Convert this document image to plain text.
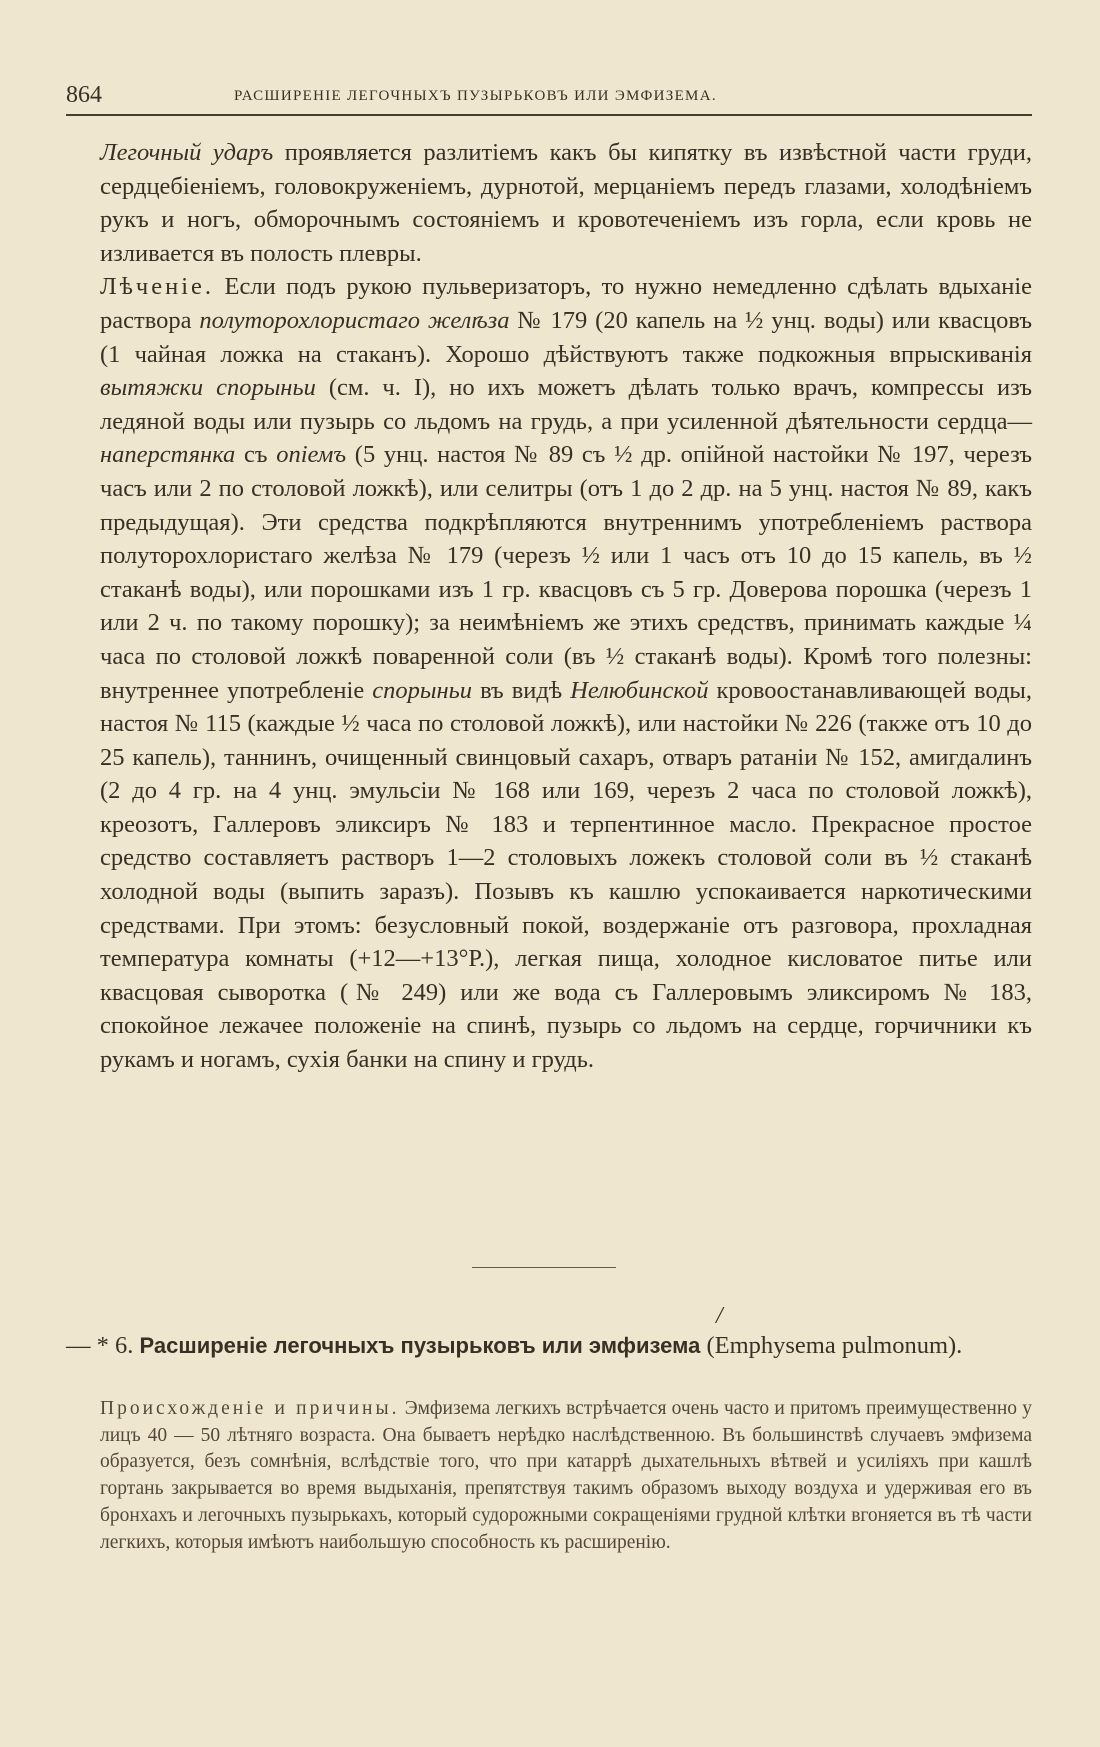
864	РАСШИРЕНІЕ ЛЕГОЧНЫХЪ ПУЗЫРЬКОВЪ ИЛИ ЭМФИЗЕМА.

Легочный ударъ проявляется разлитіемъ какъ бы кипятку въ извѣстной части груди, сердцебіеніемъ, головокруженіемъ, дурнотой, мерцаніемъ передъ глазами, холодѣніемъ рукъ и ногъ, обморочнымъ состояніемъ и кровотеченіемъ изъ горла, если кровь не изливается въ полость плевры.

Лѣченіе. Если подъ рукою пульверизаторъ, то нужно немедленно сдѣлать вдыханіе раствора полуторохлористаго желѣза № 179 (20 капель на ½ унц. воды) или квасцовъ (1 чайная ложка на стаканъ). Хорошо дѣйствуютъ также подкожныя впрыскиванія вытяжки спорыньи (см. ч. I), но ихъ можетъ дѣлать только врачъ, компрессы изъ ледяной воды или пузырь со льдомъ на грудь, а при усиленной дѣятельности сердца—наперстянка съ опіемъ (5 унц. настоя № 89 съ ½ др. опійной настойки № 197, черезъ часъ или 2 по столовой ложкѣ), или селитры (отъ 1 до 2 др. на 5 унц. настоя № 89, какъ предыдущая). Эти средства подкрѣпляются внутреннимъ употребленіемъ раствора полуторохлористаго желѣза № 179 (черезъ ½ или 1 часъ отъ 10 до 15 капель, въ ½ стаканѣ воды), или порошками изъ 1 гр. квасцовъ съ 5 гр. Доверова порошка (черезъ 1 или 2 ч. по такому порошку); за неимѣніемъ же этихъ средствъ, принимать каждые ¼ часа по столовой ложкѣ поваренной соли (въ ½ стаканѣ воды). Кромѣ того полезны: внутреннее употребленіе спорыньи въ видѣ Нелюбинской кровоостанавливающей воды, настоя № 115 (каждые ½ часа по столовой ложкѣ), или настойки № 226 (также отъ 10 до 25 капель), таннинъ, очищенный свинцовый сахаръ, отваръ ратаніи № 152, амигдалинъ (2 до 4 гр. на 4 унц. эмульсіи № 168 или 169, черезъ 2 часа по столовой ложкѣ), креозотъ, Галлеровъ эликсиръ № 183 и терпентинное масло. Прекрасное простое средство составляетъ растворъ 1—2 столовыхъ ложекъ столовой соли въ ½ стаканѣ холодной воды (выпить заразъ). Позывъ къ кашлю успокаивается наркотическими средствами. При этомъ: безусловный покой, воздержаніе отъ разговора, прохладная температура комнаты (+12—+13°Р.), легкая пища, холодное кисловатое питье или квасцовая сыворотка (№ 249) или же вода съ Галлеровымъ эликсиромъ № 183, спокойное лежачее положеніе на спинѣ, пузырь со льдомъ на сердце, горчичники къ рукамъ и ногамъ, сухія банки на спину и грудь.

/
— * 6. Расширеніе легочныхъ пузырьковъ или эмфизема (Emphysema pulmonum).

Происхожденіе и причины. Эмфизема легкихъ встрѣчается очень часто и притомъ преимущественно у лицъ 40 — 50 лѣтняго возраста. Она бываетъ нерѣдко наслѣдственною. Въ большинствѣ случаевъ эмфизема образуется, безъ сомнѣнія, вслѣдствіе того, что при катаррѣ дыхательныхъ вѣтвей и усиліяхъ при кашлѣ гортань закрывается во время выдыханія, препятствуя такимъ образомъ выходу воздуха и удерживая его въ бронхахъ и легочныхъ пузырькахъ, который судорожными сокращеніями грудной клѣтки вгоняется въ тѣ части легкихъ, которыя имѣютъ наибольшую способность къ расширенію.
